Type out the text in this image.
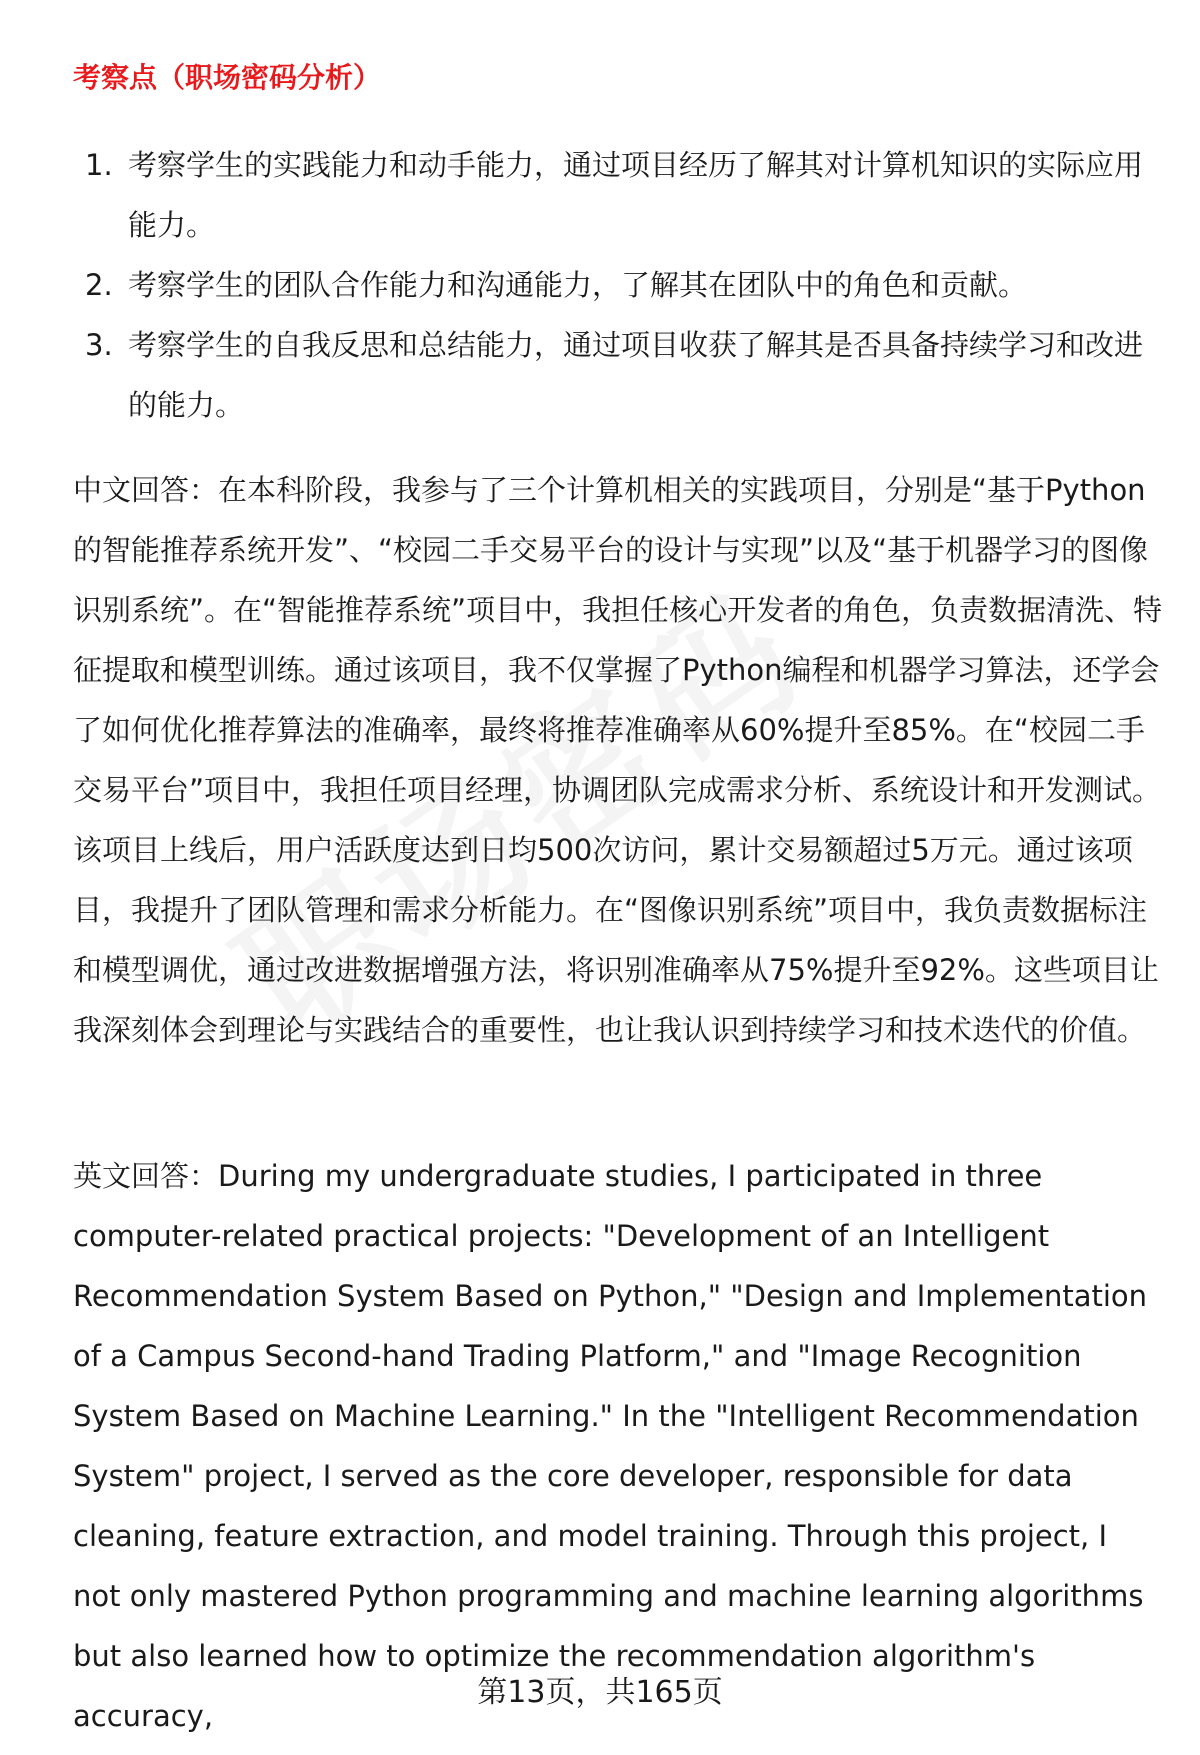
考察点（职场密码分析）
1. 考察学生的实践能力和动手能力，通过项目经历了解其对计算机知识的实际应用能力。
2. 考察学生的团队合作能力和沟通能力，了解其在团队中的角色和贡献。
3. 考察学生的自我反思和总结能力，通过项目收获了解其是否具备持续学习和改进的能力。

中文回答：在本科阶段，我参与了三个计算机相关的实践项目，分别是“基于Python的智能推荐系统开发”、“校园二手交易平台的设计与实现”以及“基于机器学习的图像识别系统”。在“智能推荐系统”项目中，我担任核心开发者的角色，负责数据清洗、特征提取和模型训练。通过该项目，我不仅掌握了Python编程和机器学习算法，还学会了如何优化推荐算法的准确率，最终将推荐准确率从60%提升至85%。在“校园二手交易平台”项目中，我担任项目经理，协调团队完成需求分析、系统设计和开发测试。该项目上线后，用户活跃度达到日均500次访问，累计交易额超过5万元。通过该项目，我提升了团队管理和需求分析能力。在“图像识别系统”项目中，我负责数据标注和模型调优，通过改进数据增强方法，将识别准确率从75%提升至92%。这些项目让我深刻体会到理论与实践结合的重要性，也让我认识到持续学习和技术迭代的价值。

英文回答：During my undergraduate studies, I participated in three computer-related practical projects: "Development of an Intelligent Recommendation System Based on Python," "Design and Implementation of a Campus Second-hand Trading Platform," and "Image Recognition System Based on Machine Learning." In the "Intelligent Recommendation System" project, I served as the core developer, responsible for data cleaning, feature extraction, and model training. Through this project, I not only mastered Python programming and machine learning algorithms but also learned how to optimize the recommendation algorithm's accuracy,

第13页，共165页
